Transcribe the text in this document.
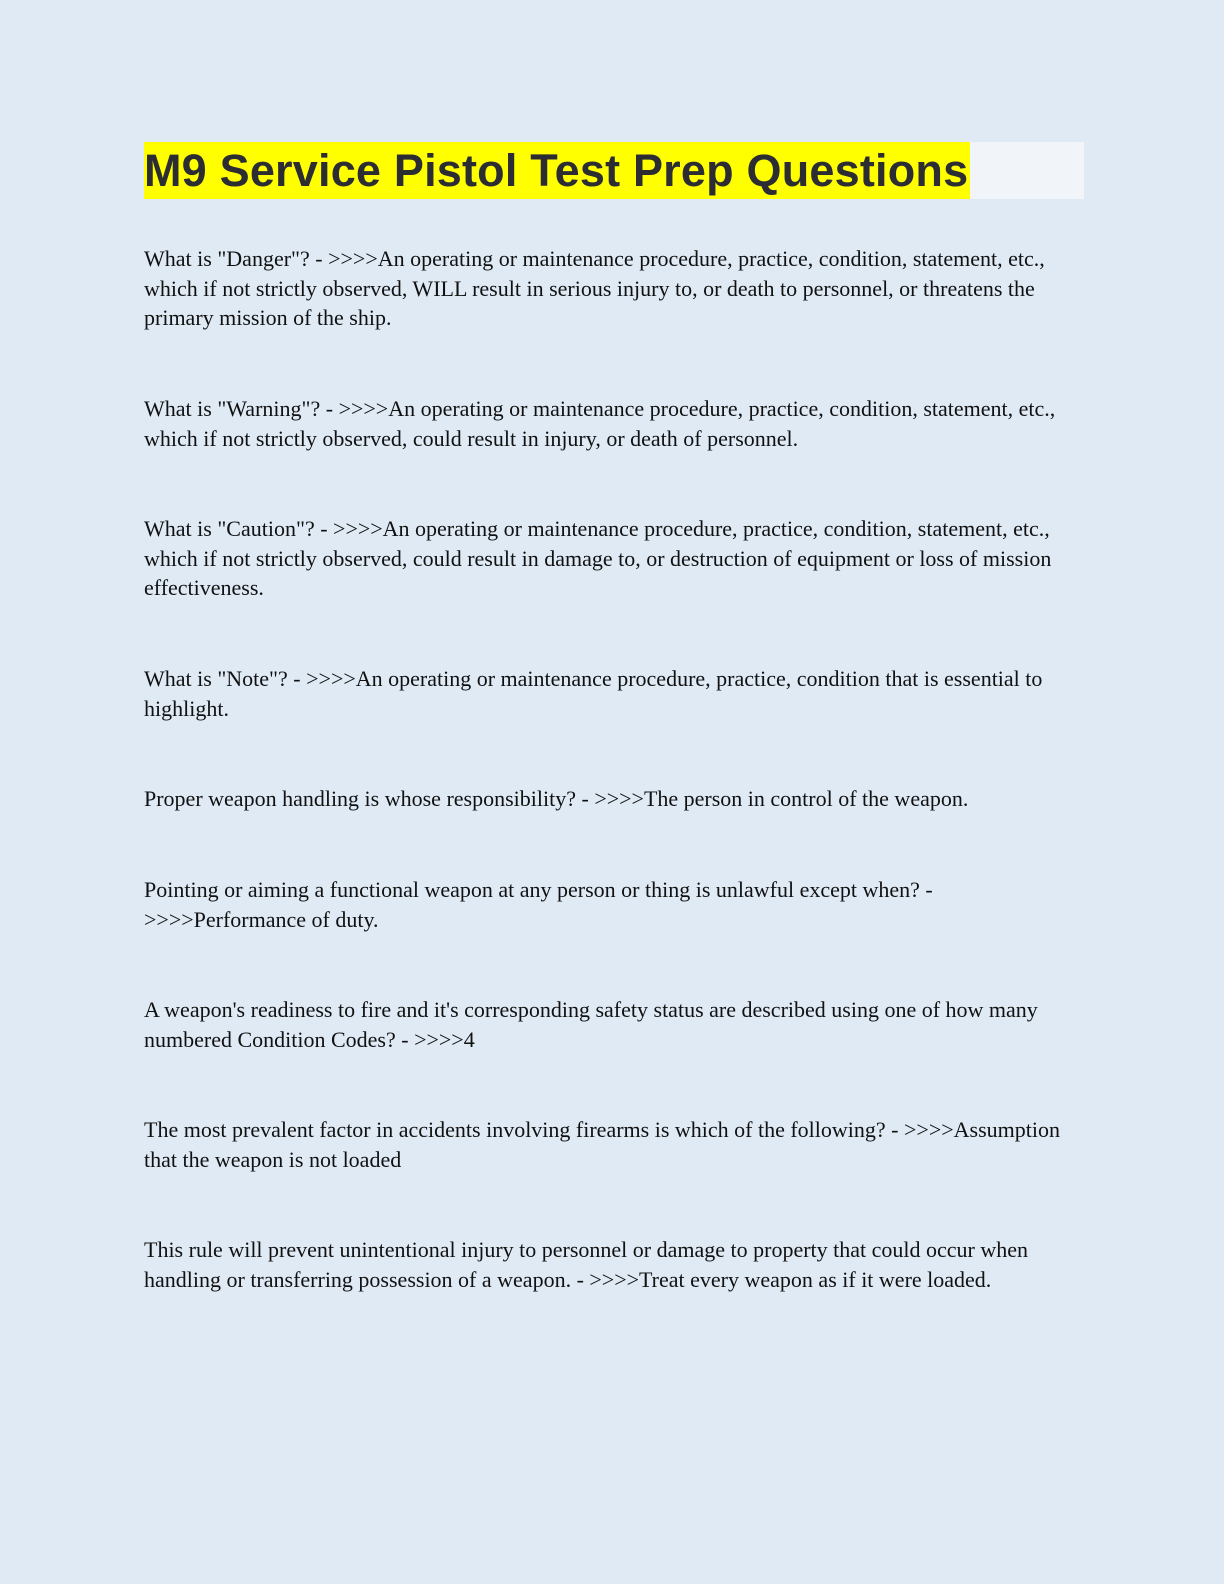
M9 Service Pistol Test Prep Questions

What is "Danger"? - >>>>An operating or maintenance procedure, practice, condition, statement, etc., which if not strictly observed, WILL result in serious injury to, or death to personnel, or threatens the primary mission of the ship.

What is "Warning"? - >>>>An operating or maintenance procedure, practice, condition, statement, etc., which if not strictly observed, could result in injury, or death of personnel.

What is "Caution"? - >>>>An operating or maintenance procedure, practice, condition, statement, etc., which if not strictly observed, could result in damage to, or destruction of equipment or loss of mission effectiveness.

What is "Note"? - >>>>An operating or maintenance procedure, practice, condition that is essential to highlight.

Proper weapon handling is whose responsibility? - >>>>The person in control of the weapon.

Pointing or aiming a functional weapon at any person or thing is unlawful except when? - >>>>Performance of duty.

A weapon's readiness to fire and it's corresponding safety status are described using one of how many numbered Condition Codes? - >>>>4

The most prevalent factor in accidents involving firearms is which of the following? - >>>>Assumption that the weapon is not loaded

This rule will prevent unintentional injury to personnel or damage to property that could occur when handling or transferring possession of a weapon. - >>>>Treat every weapon as if it were loaded.
